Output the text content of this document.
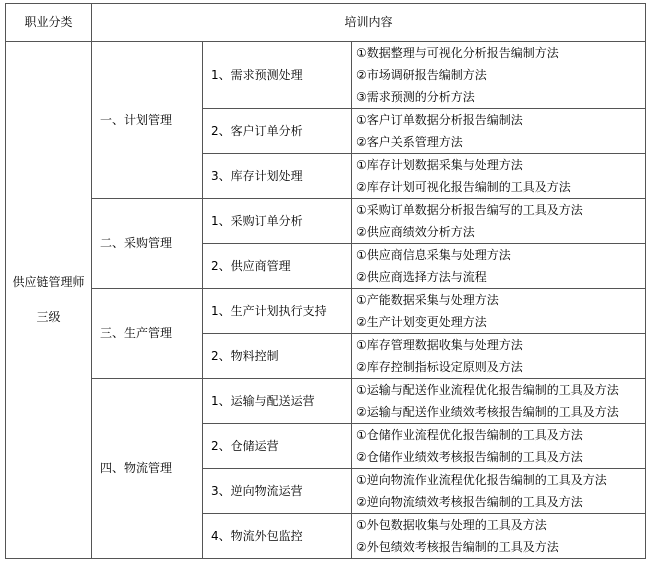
职业分类	培训内容		

供应链管理师
三级	一、计划管理	1、需求预测处理	①数据整理与可视化分析报告编制方法
②市场调研报告编制方法
③需求预测的分析方法

		2、客户订单分析	①客户订单数据分析报告编制法
②客户关系管理方法

		3、库存计划处理	①库存计划数据采集与处理方法
②库存计划可视化报告编制的工具及方法

	二、采购管理	1、采购订单分析	①采购订单数据分析报告编写的工具及方法
②供应商绩效分析方法

		2、供应商管理	①供应商信息采集与处理方法
②供应商选择方法与流程

	三、生产管理	1、生产计划执行支持	①产能数据采集与处理方法
②生产计划变更处理方法

		2、物料控制	①库存管理数据收集与处理方法
②库存控制指标设定原则及方法

	四、物流管理	1、运输与配送运营	①运输与配送作业流程优化报告编制的工具及方法
②运输与配送作业绩效考核报告编制的工具及方法

		2、仓储运营	①仓储作业流程优化报告编制的工具及方法
②仓储作业绩效考核报告编制的工具及方法

		3、逆向物流运营	①逆向物流作业流程优化报告编制的工具及方法
②逆向物流绩效考核报告编制的工具及方法

		4、物流外包监控	①外包数据收集与处理的工具及方法
②外包绩效考核报告编制的工具及方法
